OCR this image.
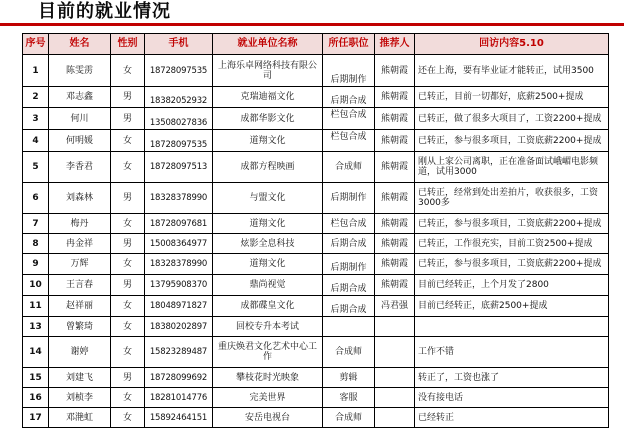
目前的就业情况
序号	姓名	性别	手机	就业单位名称	所任职位	推荐人	回访内容5.10
1	陈雯雳	女	18728097535	上海乐卓网络科技有限公司	后期制作	熊朝霞	还在上海，要有毕业证才能转正，试用3500
2	邓志鑫	男	18382052932	克瑞迪福文化	后期合成	熊朝霞	已转正，目前一切都好，底薪2500+提成
3	何川	男	13508027836	成都华影文化	栏包合成	熊朝霞	已转正，做了很多大项目了，工资2200+提成
4	何明媛	女	18728097535	道翔文化	栏包合成	熊朝霞	已转正，参与很多项目，工资底薪2200+提成
5	李香君	女	18728097513	成都方程映画	合成师	熊朝霞	刚从上家公司离职，正在准备面试峨嵋电影频道，试用3000
6	刘森林	男	18328378990	与盟文化	后期制作	熊朝霞	已转正，经常到处出差拍片，收获很多，工资3000多
7	梅丹	女	18728097681	道翔文化	栏包合成	熊朝霞	已转正，参与很多项目，工资底薪2200+提成
8	冉金祥	男	15008364977	炫影全息科技	后期合成	熊朝霞	已转正，工作很充实，目前工资2500+提成
9	万辉	女	18328378990	道翔文化	后期制作	熊朝霞	已转正，参与很多项目，工资底薪2200+提成
10	王言春	男	13795908370	鼎尚视觉	后期合成	熊朝霞	目前已经转正，上个月发了2800
11	赵祥丽	女	18048971827	成都碟皇文化	后期合成	冯君强	目前已经转正，底薪2500+提成
13	曾繁琦	女	18380202897	回校专升本考试			
14	谢婷	女	15823289487	重庆焕君文化艺术中心工作	合成师		工作不错
15	刘建飞	男	18728099692	攀枝花时光映象	剪辑		转正了，工资也涨了
16	刘桢李	女	18281014776	完美世界	客服		没有接电话
17	邓滟虹	女	15892464151	安岳电视台	合成师		已经转正
